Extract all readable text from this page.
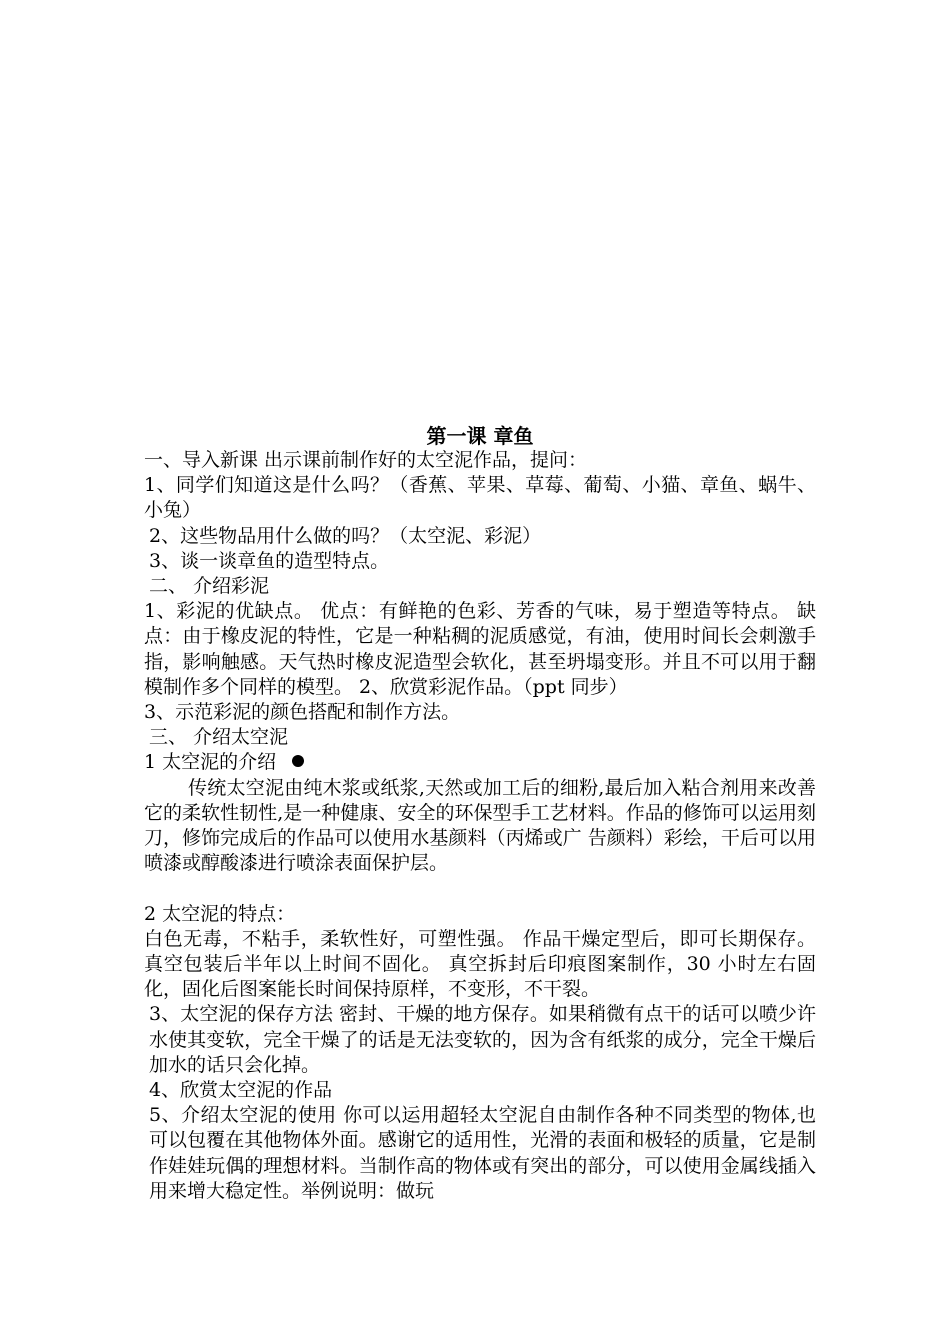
第一课 章鱼

一、导入新课 出示课前制作好的太空泥作品，提问：

1、同学们知道这是什么吗？（香蕉、苹果、草莓、葡萄、小猫、章鱼、蜗牛、小兔）

2、这些物品用什么做的吗？（太空泥、彩泥）

3、谈一谈章鱼的造型特点。

二、 介绍彩泥

1、彩泥的优缺点。 优点：有鲜艳的色彩、芳香的气味，易于塑造等特点。 缺点：由于橡皮泥的特性，它是一种粘稠的泥质感觉，有油，使用时间长会刺激手指，影响触感。天气热时橡皮泥造型会软化，甚至坍塌变形。并且不可以用于翻模制作多个同样的模型。 2、欣赏彩泥作品。（ppt 同步）

3、示范彩泥的颜色搭配和制作方法。

三、 介绍太空泥

1 太空泥的介绍

传统太空泥由纯木浆或纸浆,天然或加工后的细粉,最后加入粘合剂用来改善它的柔软性韧性,是一种健康、安全的环保型手工艺材料。作品的修饰可以运用刻刀，修饰完成后的作品可以使用水基颜料（丙烯或广 告颜料）彩绘，干后可以用喷漆或醇酸漆进行喷涂表面保护层。

2 太空泥的特点：

白色无毒，不粘手，柔软性好，可塑性强。 作品干燥定型后，即可长期保存。 真空包装后半年以上时间不固化。 真空拆封后印痕图案制作，30 小时左右固化，固化后图案能长时间保持原样，不变形，不干裂。

3、太空泥的保存方法 密封、干燥的地方保存。如果稍微有点干的话可以喷少许水使其变软，完全干燥了的话是无法变软的，因为含有纸浆的成分，完全干燥后加水的话只会化掉。

4、欣赏太空泥的作品

5、介绍太空泥的使用 你可以运用超轻太空泥自由制作各种不同类型的物体,也可以包覆在其他物体外面。感谢它的适用性，光滑的表面和极轻的质量，它是制作娃娃玩偶的理想材料。当制作高的物体或有突出的部分，可以使用金属线插入用来增大稳定性。举例说明：做玩
